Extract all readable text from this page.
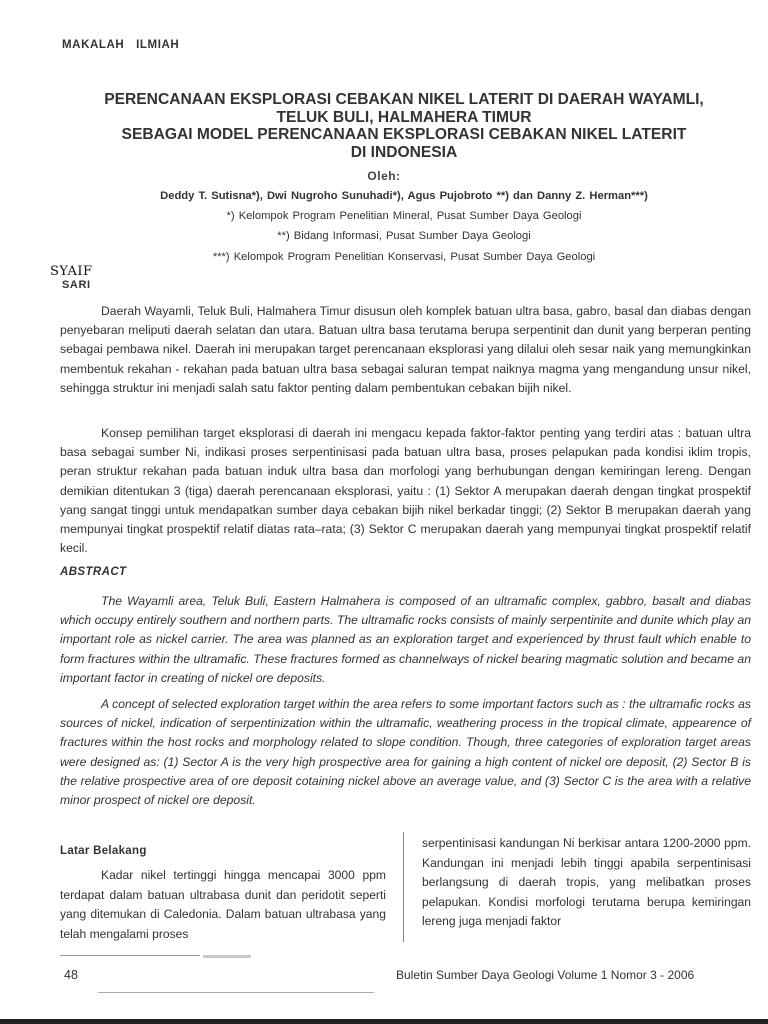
MAKALAH ILMIAH
PERENCANAAN EKSPLORASI CEBAKAN NIKEL LATERIT DI DAERAH WAYAMLI,
TELUK BULI, HALMAHERA TIMUR
SEBAGAI MODEL PERENCANAAN EKSPLORASI CEBAKAN NIKEL LATERIT
DI INDONESIA
Oleh:
Deddy T. Sutisna*), Dwi Nugroho Sunuhadi*), Agus Pujobroto **) dan Danny Z. Herman***)
*) Kelompok Program Penelitian Mineral, Pusat Sumber Daya Geologi
**) Bidang Informasi, Pusat Sumber Daya Geologi
***) Kelompok Program Penelitian Konservasi, Pusat Sumber Daya Geologi
SYAIF
SARI

Daerah Wayamli, Teluk Buli, Halmahera Timur disusun oleh komplek batuan ultra basa, gabro, basal dan diabas dengan penyebaran meliputi daerah selatan dan utara. Batuan ultra basa terutama berupa serpentinit dan dunit yang berperan penting sebagai pembawa nikel. Daerah ini merupakan target perencanaan eksplorasi yang dilalui oleh sesar naik yang memungkinkan membentuk rekahan - rekahan pada batuan ultra basa sebagai saluran tempat naiknya magma yang mengandung unsur nikel, sehingga struktur ini menjadi salah satu faktor penting dalam pembentukan cebakan bijih nikel.

Konsep pemilihan target eksplorasi di daerah ini mengacu kepada faktor-faktor penting yang terdiri atas : batuan ultra basa sebagai sumber Ni, indikasi proses serpentinisasi pada batuan ultra basa, proses pelapukan pada kondisi iklim tropis, peran struktur rekahan pada batuan induk ultra basa dan morfologi yang berhubungan dengan kemiringan lereng. Dengan demikian ditentukan 3 (tiga) daerah perencanaan eksplorasi, yaitu : (1) Sektor A merupakan daerah dengan tingkat prospektif yang sangat tinggi untuk mendapatkan sumber daya cebakan bijih nikel berkadar tinggi; (2) Sektor B merupakan daerah yang mempunyai tingkat prospektif relatif diatas rata–rata; (3) Sektor C merupakan daerah yang mempunyai tingkat prospektif relatif kecil.

ABSTRACT

The Wayamli area, Teluk Buli, Eastern Halmahera is composed of an ultramafic complex, gabbro, basalt and diabas which occupy entirely southern and northern parts. The ultramafic rocks consists of mainly serpentinite and dunite which play an important role as nickel carrier. The area was planned as an exploration target and experienced by thrust fault which enable to form fractures within the ultramafic. These fractures formed as channelways of nickel bearing magmatic solution and became an important factor in creating of nickel ore deposits.

A concept of selected exploration target within the area refers to some important factors such as : the ultramafic rocks as sources of nickel, indication of serpentinization within the ultramafic, weathering process in the tropical climate, appearence of fractures within the host rocks and morphology related to slope condition. Though, three categories of exploration target areas were designed as: (1) Sector A is the very high prospective area for gaining a high content of nickel ore deposit, (2) Sector B is the relative prospective area of ore deposit cotaining nickel above an average value, and (3) Sector C is the area with a relative minor prospect of nickel ore deposit.

Latar Belakang

Kadar nikel tertinggi hingga mencapai 3000 ppm terdapat dalam batuan ultrabasa dunit dan peridotit seperti yang ditemukan di Caledonia. Dalam batuan ultrabasa yang telah mengalami proses

serpentinisasi kandungan Ni berkisar antara 1200-2000 ppm. Kandungan ini menjadi lebih tinggi apabila serpentinisasi berlangsung di daerah tropis, yang melibatkan proses pelapukan. Kondisi morfologi terutama berupa kemiringan lereng juga menjadi faktor

48	Buletin Sumber Daya Geologi Volume 1 Nomor 3 - 2006
